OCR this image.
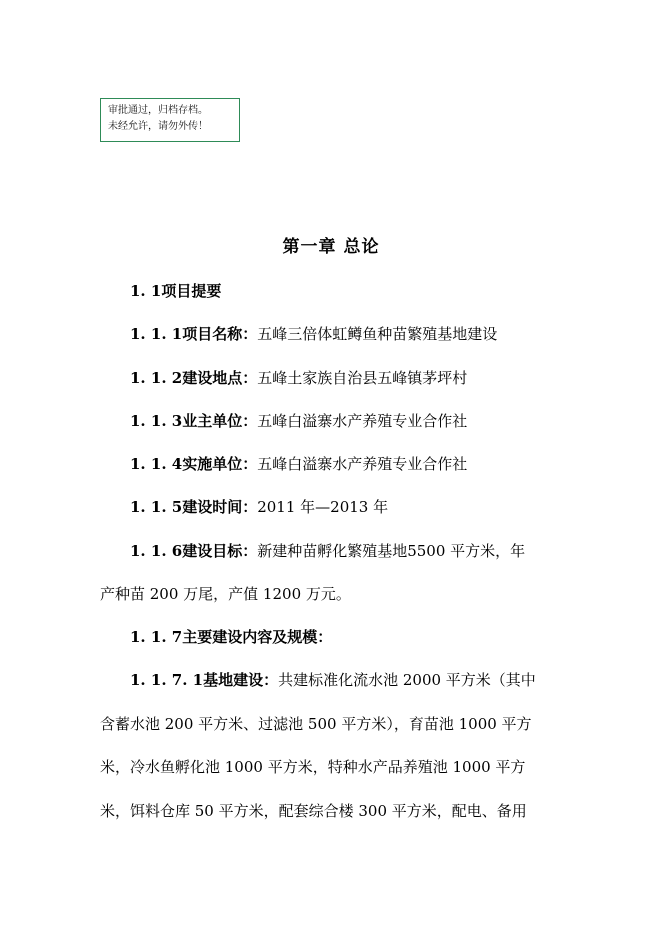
审批通过，归档存档。
未经允许，请勿外传！
第一章 总论
1. 1项目提要
1. 1. 1项目名称：五峰三倍体虹鳟鱼种苗繁殖基地建设
1. 1. 2建设地点：五峰土家族自治县五峰镇茅坪村
1. 1. 3业主单位：五峰白溢寨水产养殖专业合作社
1. 1. 4实施单位：五峰白溢寨水产养殖专业合作社
1. 1. 5建设时间：2011 年—2013 年
1. 1. 6建设目标：新建种苗孵化繁殖基地5500 平方米，年
产种苗 200 万尾，产值 1200 万元。
1. 1. 7主要建设内容及规模：
1. 1. 7. 1基地建设：共建标准化流水池 2000 平方米（其中
含蓄水池 200 平方米、过滤池 500 平方米），育苗池 1000 平方
米，冷水鱼孵化池 1000 平方米，特种水产品养殖池 1000 平方
米，饵料仓库 50 平方米，配套综合楼 300 平方米，配电、备用
